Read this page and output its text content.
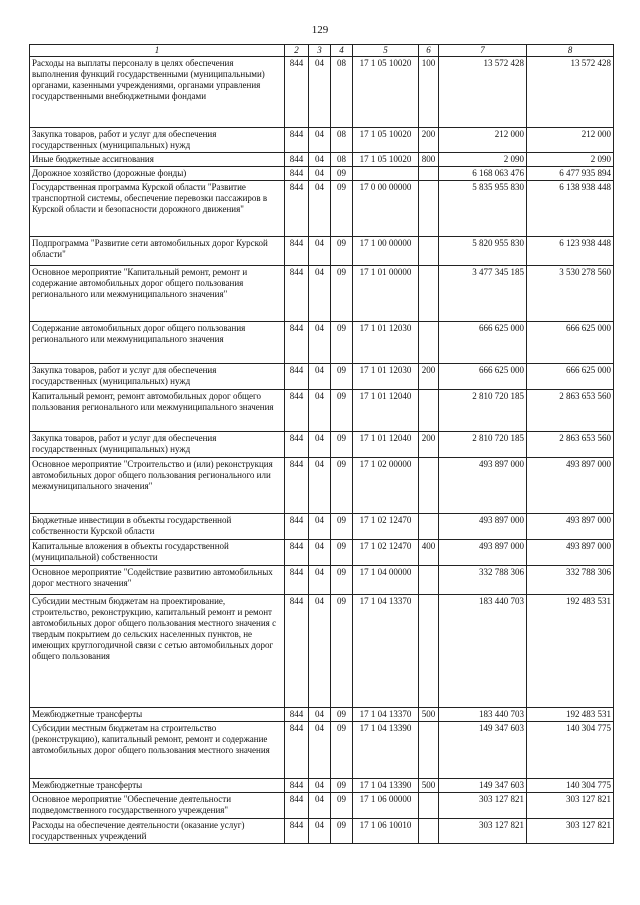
129
1	2	3	4	5	6	7	8
Расходы на выплаты персоналу в целях обеспечения выполнения функций государственными (муниципальными) органами, казенными учреждениями, органами управления государственными внебюджетными фондами	844	04	08	17 1 05 10020	100	13 572 428	13 572 428
Закупка товаров, работ и услуг для обеспечения государственных (муниципальных) нужд	844	04	08	17 1 05 10020	200	212 000	212 000
Иные бюджетные ассигнования	844	04	08	17 1 05 10020	800	2 090	2 090
Дорожное хозяйство (дорожные фонды)	844	04	09			6 168 063 476	6 477 935 894
Государственная программа Курской области "Развитие транспортной системы, обеспечение перевозки пассажиров в Курской области и безопасности дорожного движения"	844	04	09	17 0 00 00000		5 835 955 830	6 138 938 448
Подпрограмма "Развитие сети автомобильных дорог Курской области"	844	04	09	17 1 00 00000		5 820 955 830	6 123 938 448
Основное мероприятие "Капитальный ремонт, ремонт и содержание автомобильных дорог общего пользования регионального или межмуниципального значения"	844	04	09	17 1 01 00000		3 477 345 185	3 530 278 560
Содержание автомобильных дорог общего пользования регионального или межмуниципального значения	844	04	09	17 1 01 12030		666 625 000	666 625 000
Закупка товаров, работ и услуг для обеспечения государственных (муниципальных) нужд	844	04	09	17 1 01 12030	200	666 625 000	666 625 000
Капитальный ремонт, ремонт автомобильных дорог общего пользования регионального или межмуниципального значения	844	04	09	17 1 01 12040		2 810 720 185	2 863 653 560
Закупка товаров, работ и услуг для обеспечения государственных (муниципальных) нужд	844	04	09	17 1 01 12040	200	2 810 720 185	2 863 653 560
Основное мероприятие "Строительство и (или) реконструкция автомобильных дорог общего пользования регионального или межмуниципального значения"	844	04	09	17 1 02 00000		493 897 000	493 897 000
Бюджетные инвестиции в объекты государственной собственности Курской области	844	04	09	17 1 02 12470		493 897 000	493 897 000
Капитальные вложения в объекты государственной (муниципальной) собственности	844	04	09	17 1 02 12470	400	493 897 000	493 897 000
Основное мероприятие "Содействие развитию автомобильных дорог местного значения"	844	04	09	17 1 04 00000		332 788 306	332 788 306
Субсидии местным бюджетам на проектирование, строительство, реконструкцию, капитальный ремонт и ремонт автомобильных дорог общего пользования местного значения с твердым покрытием до сельских населенных пунктов, не имеющих круглогодичной связи с сетью автомобильных дорог общего пользования	844	04	09	17 1 04 13370		183 440 703	192 483 531
Межбюджетные трансферты	844	04	09	17 1 04 13370	500	183 440 703	192 483 531
Субсидии местным бюджетам на строительство (реконструкцию), капитальный ремонт, ремонт и содержание автомобильных дорог общего пользования местного значения	844	04	09	17 1 04 13390		149 347 603	140 304 775
Межбюджетные трансферты	844	04	09	17 1 04 13390	500	149 347 603	140 304 775
Основное мероприятие "Обеспечение деятельности подведомственного государственного учреждения"	844	04	09	17 1 06 00000		303 127 821	303 127 821
Расходы на обеспечение деятельности (оказание услуг) государственных учреждений	844	04	09	17 1 06 10010		303 127 821	303 127 821
